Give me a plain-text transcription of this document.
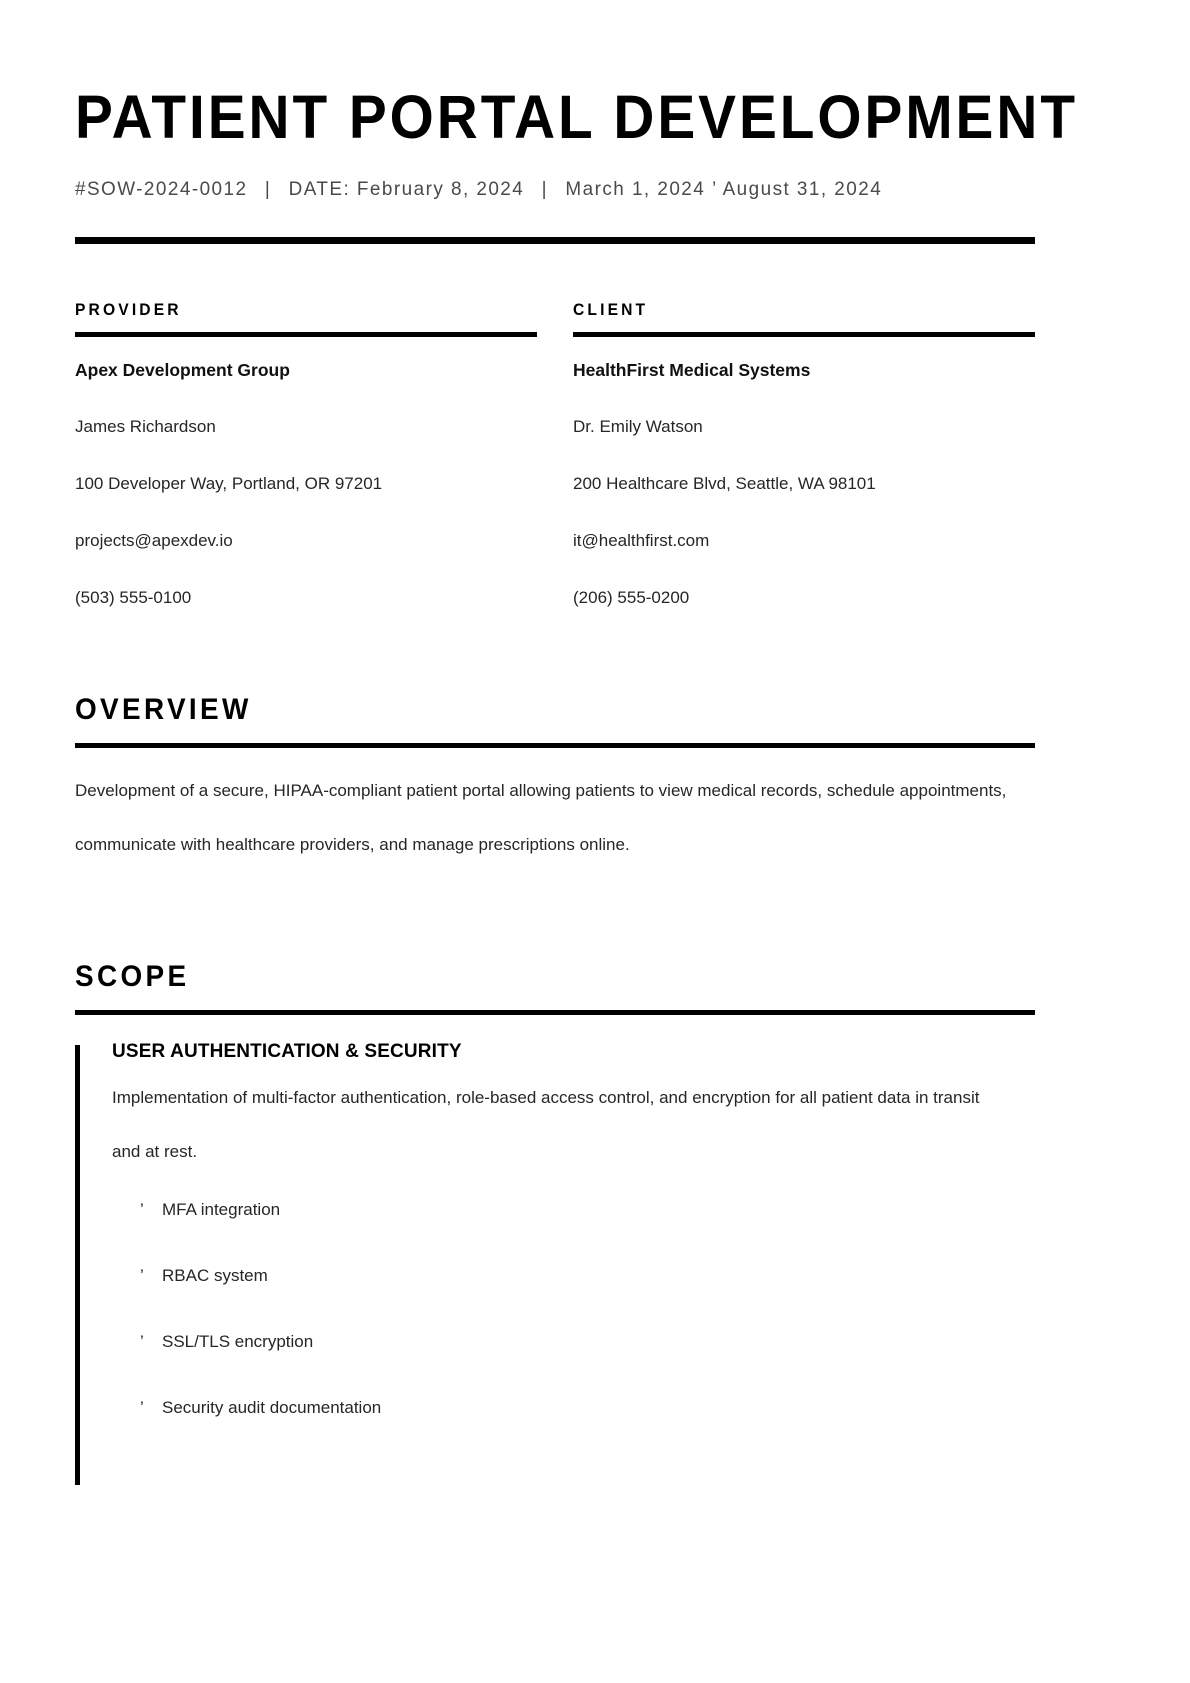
PATIENT PORTAL DEVELOPMENT
#SOW-2024-0012 | DATE: February 8, 2024 | March 1, 2024 ’ August 31, 2024
PROVIDER
Apex Development Group
James Richardson
100 Developer Way, Portland, OR 97201
projects@apexdev.io
(503) 555-0100
CLIENT
HealthFirst Medical Systems
Dr. Emily Watson
200 Healthcare Blvd, Seattle, WA 98101
it@healthfirst.com
(206) 555-0200
OVERVIEW

Development of a secure, HIPAA-compliant patient portal allowing patients to view medical records, schedule appointments, communicate with healthcare providers, and manage prescriptions online.

SCOPE
USER AUTHENTICATION & SECURITY

Implementation of multi-factor authentication, role-based access control, and encryption for all patient data in transit and at rest.

’	MFA integration
’	RBAC system
’	SSL/TLS encryption
’	Security audit documentation
